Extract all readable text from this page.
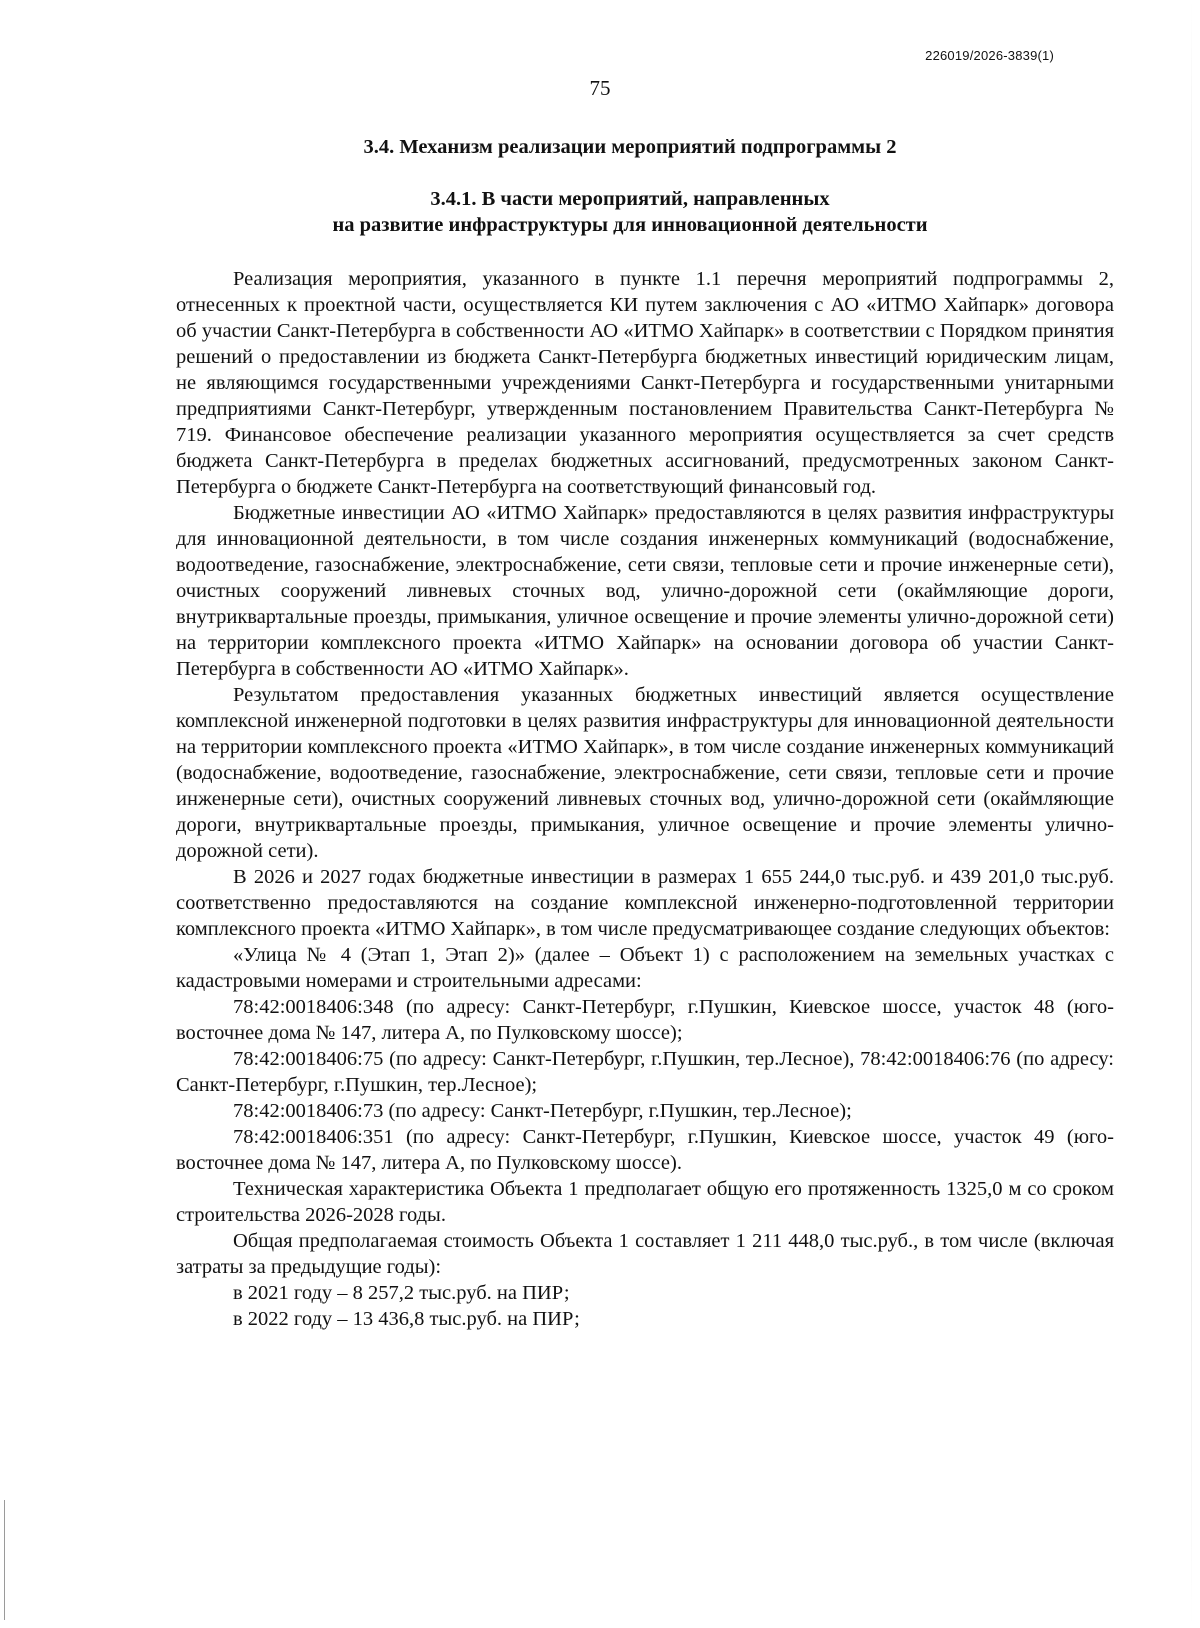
226019/2026-3839(1)
75
3.4. Механизм реализации мероприятий подпрограммы 2
3.4.1. В части мероприятий, направленных
на развитие инфраструктуры для инновационной деятельности

Реализация мероприятия, указанного в пункте 1.1 перечня мероприятий подпрограммы 2, отнесенных к проектной части, осуществляется КИ путем заключения с АО «ИТМО Хайпарк» договора об участии Санкт-Петербурга в собственности АО «ИТМО Хайпарк» в соответствии с Порядком принятия решений о предоставлении из бюджета Санкт-Петербурга бюджетных инвестиций юридическим лицам, не являющимся государственными учреждениями Санкт-Петербурга и государственными унитарными предприятиями Санкт-Петербург, утвержденным постановлением Правительства Санкт-Петербурга № 719. Финансовое обеспечение реализации указанного мероприятия осуществляется за счет средств бюджета Санкт-Петербурга в пределах бюджетных ассигнований, предусмотренных законом Санкт-Петербурга о бюджете Санкт-Петербурга на соответствующий финансовый год.

Бюджетные инвестиции АО «ИТМО Хайпарк» предоставляются в целях развития инфраструктуры для инновационной деятельности, в том числе создания инженерных коммуникаций (водоснабжение, водоотведение, газоснабжение, электроснабжение, сети связи, тепловые сети и прочие инженерные сети), очистных сооружений ливневых сточных вод, улично-дорожной сети (окаймляющие дороги, внутриквартальные проезды, примыкания, уличное освещение и прочие элементы улично-дорожной сети) на территории комплексного проекта «ИТМО Хайпарк» на основании договора об участии Санкт-Петербурга в собственности АО «ИТМО Хайпарк».

Результатом предоставления указанных бюджетных инвестиций является осуществление комплексной инженерной подготовки в целях развития инфраструктуры для инновационной деятельности на территории комплексного проекта «ИТМО Хайпарк», в том числе создание инженерных коммуникаций (водоснабжение, водоотведение, газоснабжение, электроснабжение, сети связи, тепловые сети и прочие инженерные сети), очистных сооружений ливневых сточных вод, улично-дорожной сети (окаймляющие дороги, внутриквартальные проезды, примыкания, уличное освещение и прочие элементы улично-дорожной сети).

В 2026 и 2027 годах бюджетные инвестиции в размерах 1 655 244,0 тыс.руб. и 439 201,0 тыс.руб. соответственно предоставляются на создание комплексной инженерно-подготовленной территории комплексного проекта «ИТМО Хайпарк», в том числе предусматривающее создание следующих объектов:

«Улица № 4 (Этап 1, Этап 2)» (далее – Объект 1) с расположением на земельных участках с кадастровыми номерами и строительными адресами:

78:42:0018406:348 (по адресу: Санкт-Петербург, г.Пушкин, Киевское шоссе, участок 48 (юго-восточнее дома № 147, литера А, по Пулковскому шоссе);

78:42:0018406:75 (по адресу: Санкт-Петербург, г.Пушкин, тер.Лесное), 78:42:0018406:76 (по адресу: Санкт-Петербург, г.Пушкин, тер.Лесное);

78:42:0018406:73 (по адресу: Санкт-Петербург, г.Пушкин, тер.Лесное);

78:42:0018406:351 (по адресу: Санкт-Петербург, г.Пушкин, Киевское шоссе, участок 49 (юго-восточнее дома № 147, литера А, по Пулковскому шоссе).

Техническая характеристика Объекта 1 предполагает общую его протяженность 1325,0 м со сроком строительства 2026-2028 годы.

Общая предполагаемая стоимость Объекта 1 составляет 1 211 448,0 тыс.руб., в том числе (включая затраты за предыдущие годы):

в 2021 году – 8 257,2 тыс.руб. на ПИР;

в 2022 году – 13 436,8 тыс.руб. на ПИР;
